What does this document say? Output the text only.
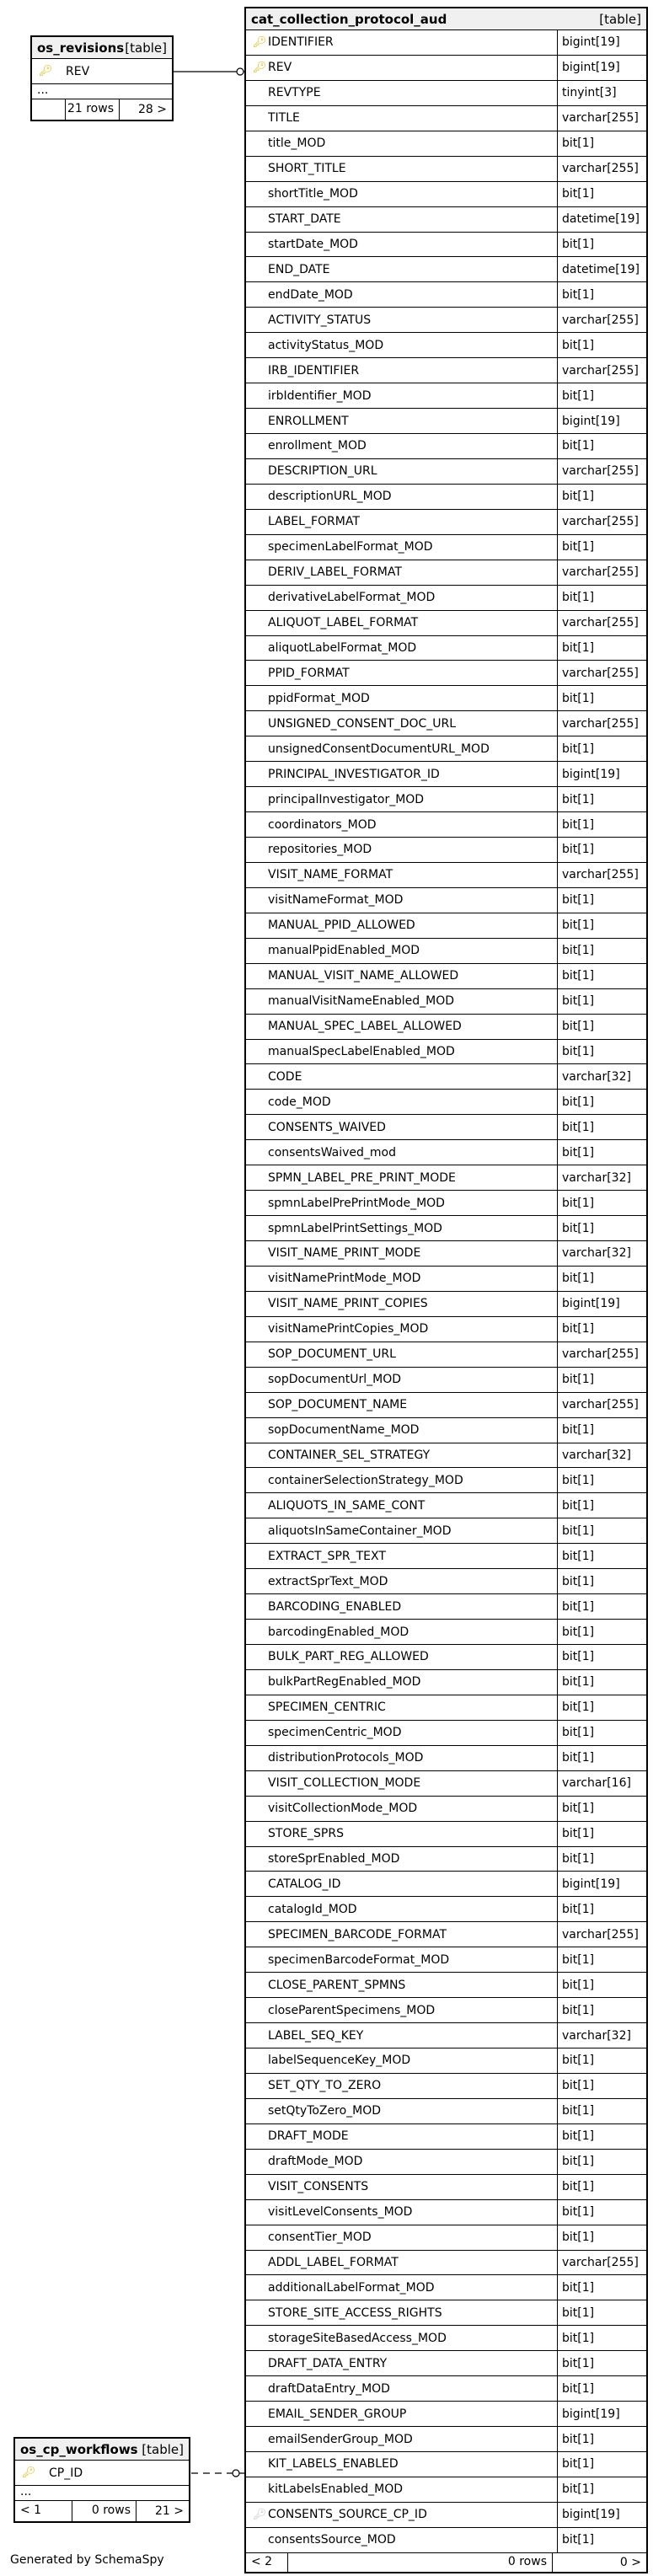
os_revisions [table]
🔑︎ REV
...
21 rows	28 >
cat_collection_protocol_aud	[table]
🔑︎ IDENTIFIER	bigint[19]
🔑︎ REV	bigint[19]
REVTYPE	tinyint[3]
TITLE	varchar[255]
title_MOD	bit[1]
SHORT_TITLE	varchar[255]
shortTitle_MOD	bit[1]
START_DATE	datetime[19]
startDate_MOD	bit[1]
END_DATE	datetime[19]
endDate_MOD	bit[1]
ACTIVITY_STATUS	varchar[255]
activityStatus_MOD	bit[1]
IRB_IDENTIFIER	varchar[255]
irbIdentifier_MOD	bit[1]
ENROLLMENT	bigint[19]
enrollment_MOD	bit[1]
DESCRIPTION_URL	varchar[255]
descriptionURL_MOD	bit[1]
LABEL_FORMAT	varchar[255]
specimenLabelFormat_MOD	bit[1]
DERIV_LABEL_FORMAT	varchar[255]
derivativeLabelFormat_MOD	bit[1]
ALIQUOT_LABEL_FORMAT	varchar[255]
aliquotLabelFormat_MOD	bit[1]
PPID_FORMAT	varchar[255]
ppidFormat_MOD	bit[1]
UNSIGNED_CONSENT_DOC_URL	varchar[255]
unsignedConsentDocumentURL_MOD	bit[1]
PRINCIPAL_INVESTIGATOR_ID	bigint[19]
principalInvestigator_MOD	bit[1]
coordinators_MOD	bit[1]
repositories_MOD	bit[1]
VISIT_NAME_FORMAT	varchar[255]
visitNameFormat_MOD	bit[1]
MANUAL_PPID_ALLOWED	bit[1]
manualPpidEnabled_MOD	bit[1]
MANUAL_VISIT_NAME_ALLOWED	bit[1]
manualVisitNameEnabled_MOD	bit[1]
MANUAL_SPEC_LABEL_ALLOWED	bit[1]
manualSpecLabelEnabled_MOD	bit[1]
CODE	varchar[32]
code_MOD	bit[1]
CONSENTS_WAIVED	bit[1]
consentsWaived_mod	bit[1]
SPMN_LABEL_PRE_PRINT_MODE	varchar[32]
spmnLabelPrePrintMode_MOD	bit[1]
spmnLabelPrintSettings_MOD	bit[1]
VISIT_NAME_PRINT_MODE	varchar[32]
visitNamePrintMode_MOD	bit[1]
VISIT_NAME_PRINT_COPIES	bigint[19]
visitNamePrintCopies_MOD	bit[1]
SOP_DOCUMENT_URL	varchar[255]
sopDocumentUrl_MOD	bit[1]
SOP_DOCUMENT_NAME	varchar[255]
sopDocumentName_MOD	bit[1]
CONTAINER_SEL_STRATEGY	varchar[32]
containerSelectionStrategy_MOD	bit[1]
ALIQUOTS_IN_SAME_CONT	bit[1]
aliquotsInSameContainer_MOD	bit[1]
EXTRACT_SPR_TEXT	bit[1]
extractSprText_MOD	bit[1]
BARCODING_ENABLED	bit[1]
barcodingEnabled_MOD	bit[1]
BULK_PART_REG_ALLOWED	bit[1]
bulkPartRegEnabled_MOD	bit[1]
SPECIMEN_CENTRIC	bit[1]
specimenCentric_MOD	bit[1]
distributionProtocols_MOD	bit[1]
VISIT_COLLECTION_MODE	varchar[16]
visitCollectionMode_MOD	bit[1]
STORE_SPRS	bit[1]
storeSprEnabled_MOD	bit[1]
CATALOG_ID	bigint[19]
catalogId_MOD	bit[1]
SPECIMEN_BARCODE_FORMAT	varchar[255]
specimenBarcodeFormat_MOD	bit[1]
CLOSE_PARENT_SPMNS	bit[1]
closeParentSpecimens_MOD	bit[1]
LABEL_SEQ_KEY	varchar[32]
labelSequenceKey_MOD	bit[1]
SET_QTY_TO_ZERO	bit[1]
setQtyToZero_MOD	bit[1]
DRAFT_MODE	bit[1]
draftMode_MOD	bit[1]
VISIT_CONSENTS	bit[1]
visitLevelConsents_MOD	bit[1]
consentTier_MOD	bit[1]
ADDL_LABEL_FORMAT	varchar[255]
additionalLabelFormat_MOD	bit[1]
STORE_SITE_ACCESS_RIGHTS	bit[1]
storageSiteBasedAccess_MOD	bit[1]
DRAFT_DATA_ENTRY	bit[1]
draftDataEntry_MOD	bit[1]
EMAIL_SENDER_GROUP	bigint[19]
emailSenderGroup_MOD	bit[1]
KIT_LABELS_ENABLED	bit[1]
kitLabelsEnabled_MOD	bit[1]
🔑︎ CONSENTS_SOURCE_CP_ID	bigint[19]
consentsSource_MOD	bit[1]
< 2	0 rows	0 >
os_cp_workflows [table]
🔑︎ CP_ID
...
< 1	0 rows	21 >
Generated by SchemaSpy
